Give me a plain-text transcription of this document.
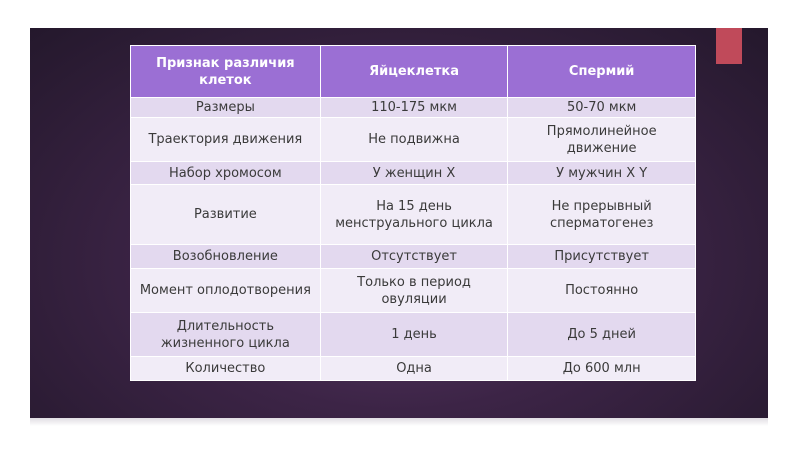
Признак различия клеток	Яйцеклетка	Спермий
Размеры	110-175 мкм	50-70 мкм
Траектория движения	Не подвижна	Прямолинейное движение
Набор хромосом	У женщин Х	У мужчин Х Y
Развитие	На 15 день менструального цикла	Не прерывный сперматогенез
Возобновление	Отсутствует	Присутствует
Момент оплодотворения	Только в период овуляции	Постоянно
Длительность жизненного цикла	1 день	До 5 дней
Количество	Одна	До 600 млн
